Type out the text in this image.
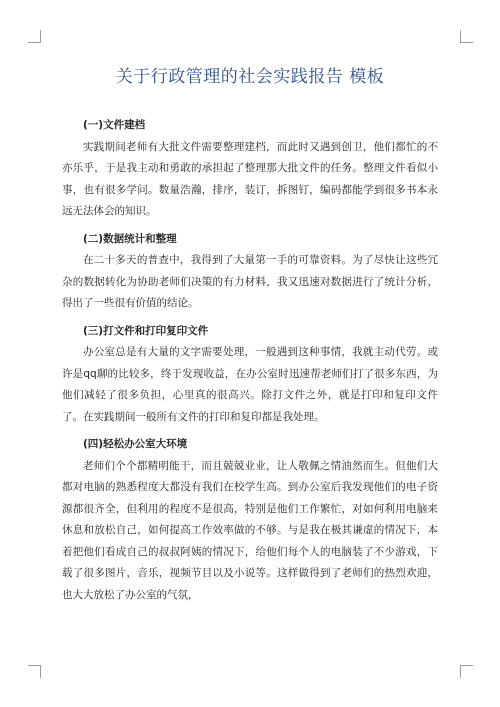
关于行政管理的社会实践报告 模板

(一)文件建档

实践期间老师有大批文件需要整理建档，而此时又遇到创卫，他们都忙的不亦乐乎，于是我主动和勇敢的承担起了整理那大批文件的任务。整理文件看似小事，也有很多学问。数量浩瀚，排序，装订，拆图钉，编码都能学到很多书本永远无法体会的知识。

(二)数据统计和整理

在二十多天的普查中，我得到了大量第一手的可靠资料。为了尽快让这些冗杂的数据转化为协助老师们决策的有力材料，我又迅速对数据进行了统计分析，得出了一些很有价值的结论。

(三)打文件和打印复印文件

办公室总是有大量的文字需要处理，一般遇到这种事情，我就主动代劳。或许是qq聊的比较多，终于发现收益，在办公室时迅速帮老师们打了很多东西，为他们减轻了很多负担，心里真的很高兴。除打文件之外，就是打印和复印文件了。在实践期间一般所有文件的打印和复印都是我处理。

(四)轻松办公室大环境

老师们个个都精明能干，而且兢兢业业，让人敬佩之情油然而生。但他们大都对电脑的熟悉程度大都没有我们在校学生高。到办公室后我发现他们的电子资源都很齐全，但利用的程度不是很高，特别是他们工作繁忙，对如何利用电脑来休息和放松自己，如何提高工作效率做的不够。与是我在极其谦虚的情况下，本着把他们看成自己的叔叔阿姨的情况下，给他们每个人的电脑装了不少游戏，下载了很多图片，音乐，视频节目以及小说等。这样做得到了老师们的热烈欢迎，也大大放松了办公室的气氛，
